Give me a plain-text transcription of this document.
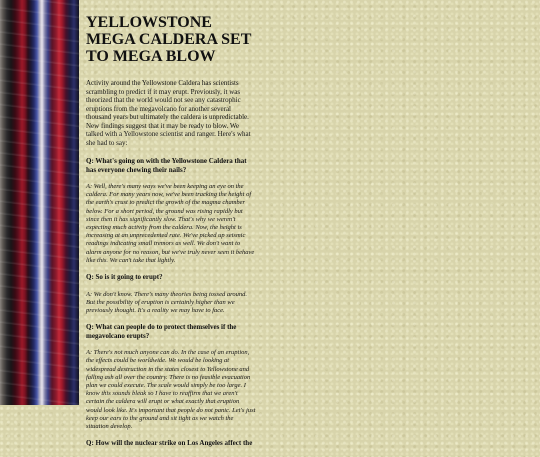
YELLOWSTONE MEGA CALDERA SET TO MEGA BLOW

Activity around the Yellowstone Caldera has scientists scrambling to predict if it may erupt. Previously, it was theorized that the world would not see any catastrophic eruptions from the megavolcano for another several thousand years but ultimately the caldera is unpredictable. New findings suggest that it may be ready to blow. We talked with a Yellowstone scientist and ranger. Here's what she had to say:

Q: What's going on with the Yellowstone Caldera that has everyone chewing their nails?

A: Well, there's many ways we've been keeping an eye on the caldera. For many years now, we've been tracking the height of the earth's crust to predict the growth of the magma chamber below. For a short period, the ground was rising rapidly but since then it has significantly slow. That's why we weren't expecting much activity from the caldera. Now, the height is increasing at an unprecedented rate. We've picked up seismic readings indicating small tremors as well. We don't want to alarm anyone for no reason, but we've truly never seen it behave like this. We can't take that lightly.

Q: So is it going to erupt?

A: We don't know. There's many theories being tossed around. But the possibility of eruption is certainly higher than we previously thought. It's a reality we may have to face.

Q: What can people do to protect themselves if the megavolcano erupts?

A: There's not much anyone can do. In the case of an eruption, the effects could be worldwide. We would be looking at widespread destruction in the states closest to Yellowstone and falling ash all over the country. There is no feasible evacuation plan we could execute. The scale would simply be too large. I know this sounds bleak so I have to reaffirm that we aren't certain the caldera will erupt or what exactly that eruption would look like. It's important that people do not panic. Let's just keep our ears to the ground and sit tight as we watch the situation develop.

Q: How will the nuclear strike on Los Angeles affect the
